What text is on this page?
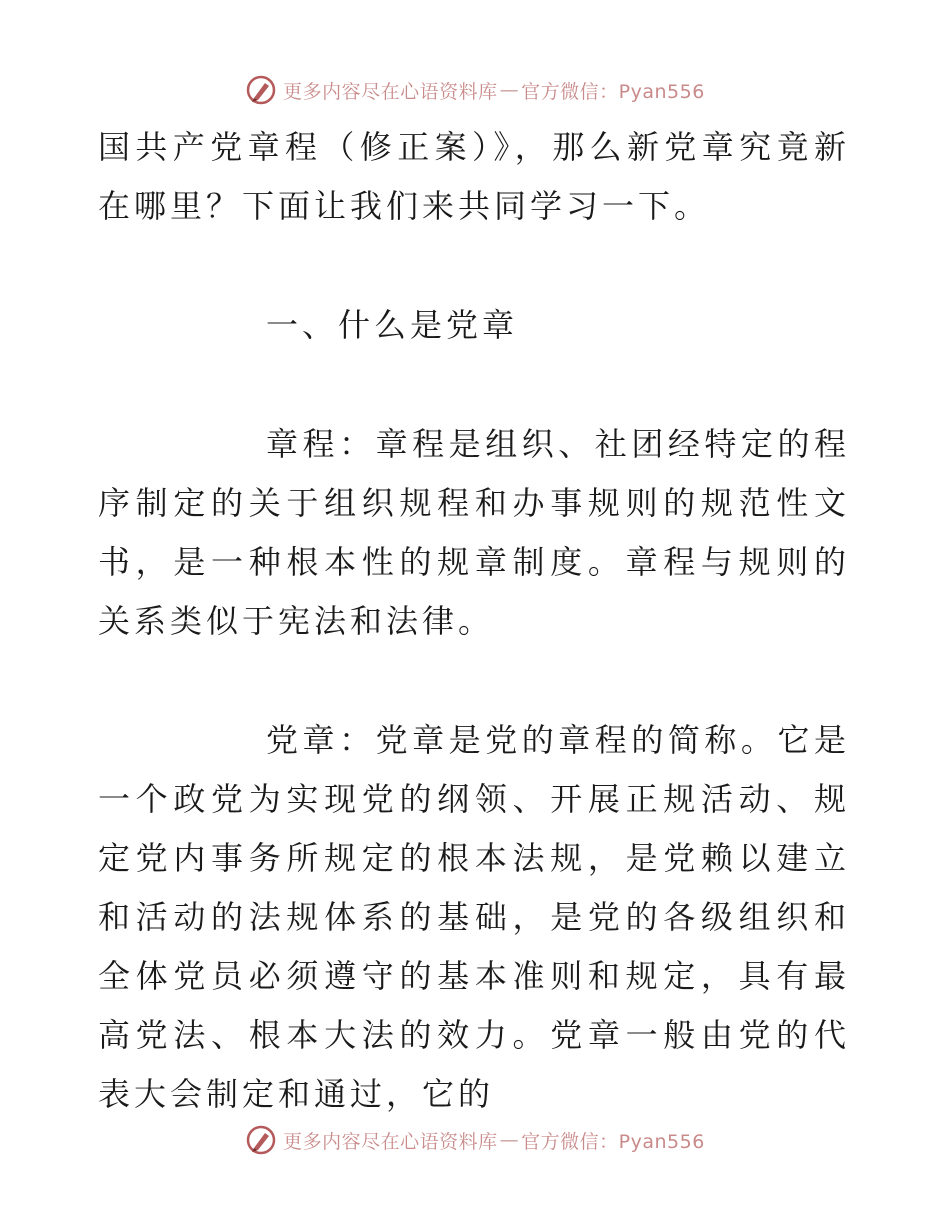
更多内容尽在心语资料库 — 官方微信：Pyan556

国共产党章程（修正案）》，那么新党章究竟新在哪里？下面让我们来共同学习一下。

一、什么是党章

章程：章程是组织、社团经特定的程序制定的关于组织规程和办事规则的规范性文书，是一种根本性的规章制度。章程与规则的关系类似于宪法和法律。

党章：党章是党的章程的简称。它是一个政党为实现党的纲领、开展正规活动、规定党内事务所规定的根本法规，是党赖以建立和活动的法规体系的基础，是党的各级组织和全体党员必须遵守的基本准则和规定，具有最高党法、根本大法的效力。党章一般由党的代表大会制定和通过，它的

更多内容尽在心语资料库 — 官方微信：Pyan556
